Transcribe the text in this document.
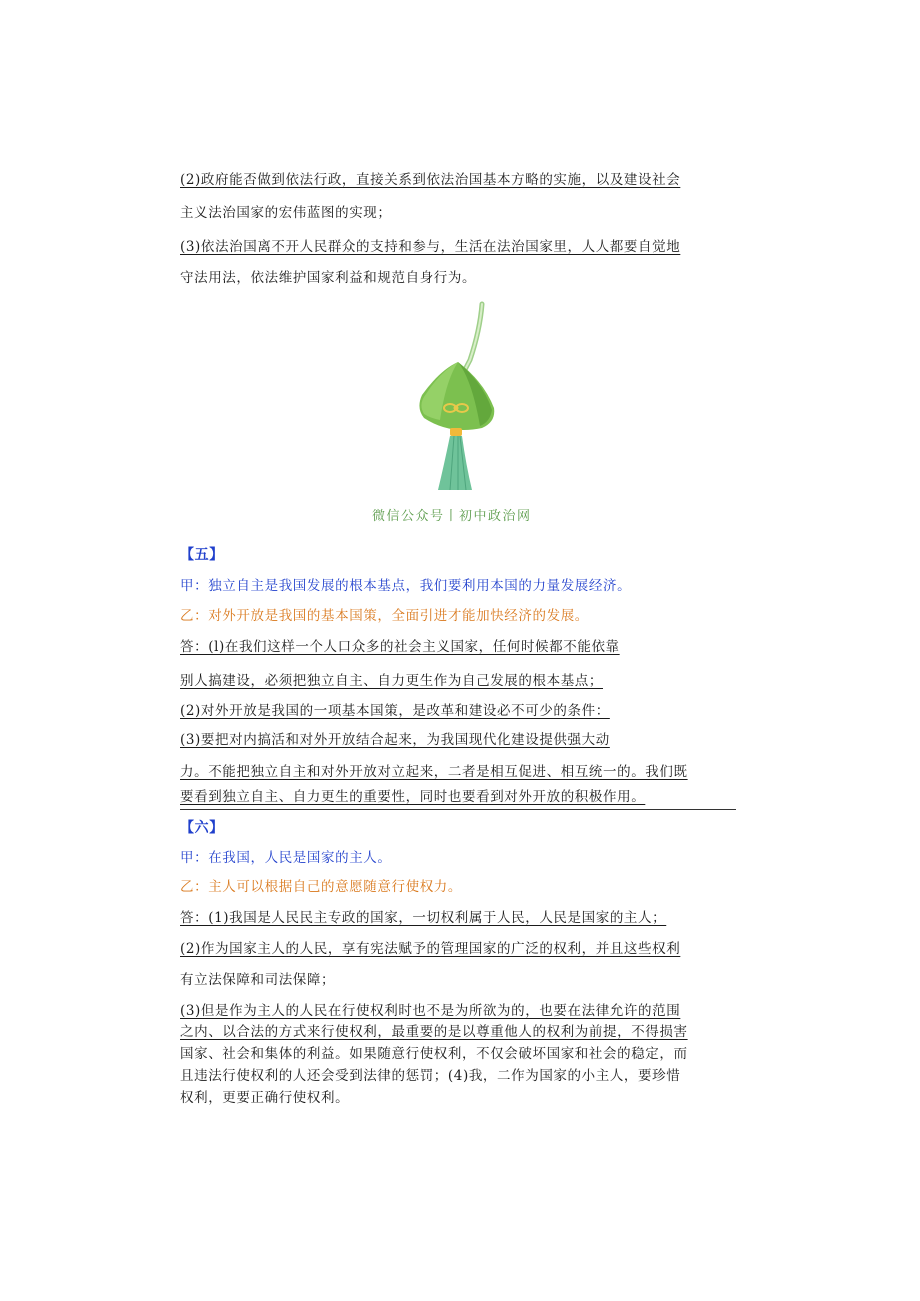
(2)政府能否做到依法行政，直接关系到依法治国基本方略的实施，以及建设社会
主义法治国家的宏伟蓝图的实现；
(3)依法治国离不开人民群众的支持和参与，生活在法治国家里，人人都要自觉地
守法用法，依法维护国家利益和规范自身行为。
微信公众号丨初中政治网
【五】
甲：独立自主是我国发展的根本基点，我们要利用本国的力量发展经济。
乙：对外开放是我国的基本国策，全面引进才能加快经济的发展。
答：(l)在我们这样一个人口众多的社会主义国家，任何时候都不能依靠
别人搞建设，必须把独立自主、自力更生作为自己发展的根本基点；
(2)对外开放是我国的一项基本国策，是改革和建设必不可少的条件：
(3)要把对内搞活和对外开放结合起来，为我国现代化建设提供强大动
力。不能把独立自主和对外开放对立起来，二者是相互促进、相互统一的。我们既
要看到独立自主、自力更生的重要性，同时也要看到对外开放的积极作用。
【六】
甲：在我国，人民是国家的主人。
乙：主人可以根据自己的意愿随意行使权力。
答：(1)我国是人民民主专政的国家，一切权利属于人民，人民是国家的主人；
(2)作为国家主人的人民，享有宪法赋予的管理国家的广泛的权利，并且这些权利
有立法保障和司法保障；
(3)但是作为主人的人民在行使权利时也不是为所欲为的，也要在法律允许的范围
之内、以合法的方式来行使权利，最重要的是以尊重他人的权利为前提，不得损害
国家、社会和集体的利益。如果随意行使权利，不仅会破坏国家和社会的稳定，而
且违法行使权利的人还会受到法律的惩罚；(4)我，二作为国家的小主人，要珍惜
权利，更要正确行使权利。
